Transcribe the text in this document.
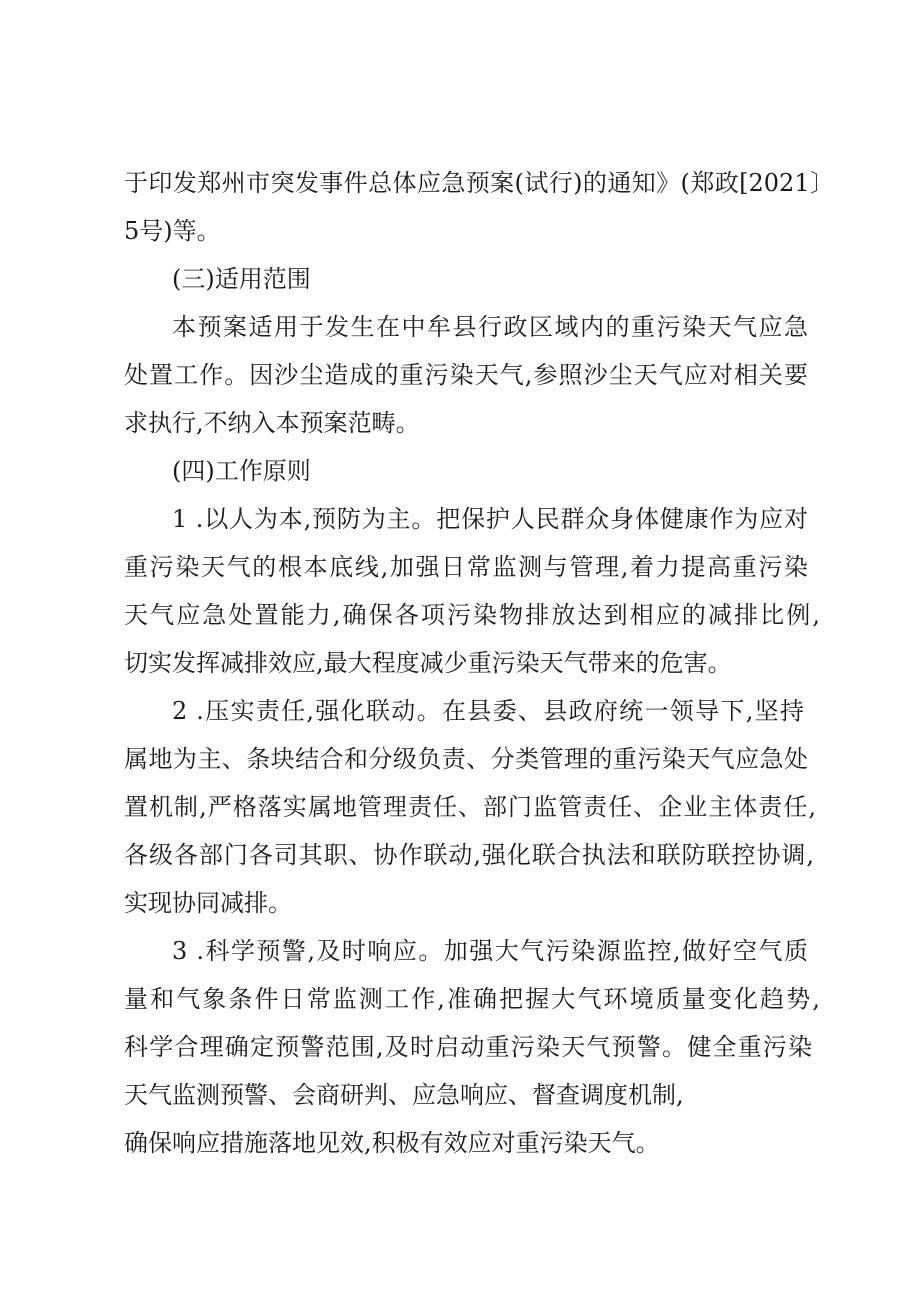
于印发郑州市突发事件总体应急预案(试行)的通知》(郑政[2021〕
5号)等。
(三)适用范围
本预案适用于发生在中牟县行政区域内的重污染天气应急
处置工作。因沙尘造成的重污染天气,参照沙尘天气应对相关要
求执行,不纳入本预案范畴。
(四)工作原则
1 .以人为本,预防为主。把保护人民群众身体健康作为应对
重污染天气的根本底线,加强日常监测与管理,着力提高重污染
天气应急处置能力,确保各项污染物排放达到相应的减排比例,
切实发挥减排效应,最大程度减少重污染天气带来的危害。
2 .压实责任,强化联动。在县委、县政府统一领导下,坚持
属地为主、条块结合和分级负责、分类管理的重污染天气应急处
置机制,严格落实属地管理责任、部门监管责任、企业主体责任,
各级各部门各司其职、协作联动,强化联合执法和联防联控协调,
实现协同减排。
3 .科学预警,及时响应。加强大气污染源监控,做好空气质
量和气象条件日常监测工作,准确把握大气环境质量变化趋势,
科学合理确定预警范围,及时启动重污染天气预警。健全重污染
天气监测预警、会商研判、应急响应、督查调度机制,
确保响应措施落地见效,积极有效应对重污染天气。
